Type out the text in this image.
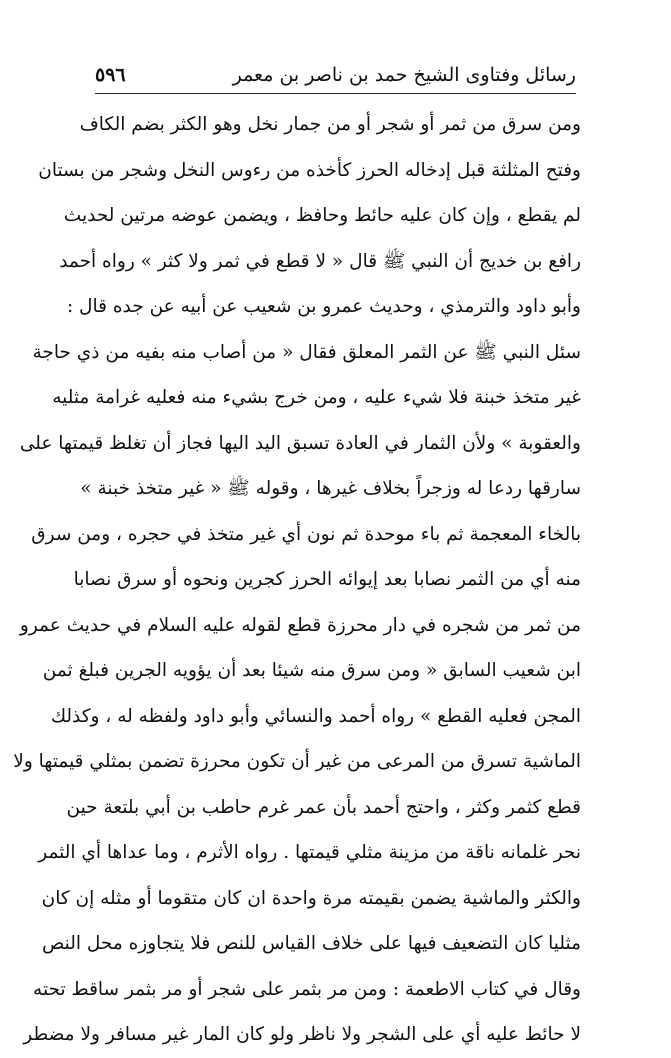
رسائل وفتاوى الشيخ حمد بن ناصر بن معمر
٥٩٦
ومن سرق من ثمر أو شجر أو من جمار نخل وهو الكثر بضم الكاف
وفتح المثلثة قبل إدخاله الحرز كأخذه من رءوس النخل وشجر من بستان
لم يقطع ، وإن كان عليه حائط وحافظ ، ويضمن عوضه مرتين لحديث
رافع بن خديج أن النبي ﷺ قال « لا قطع في ثمر ولا كثر » رواه أحمد
وأبو داود والترمذي ، وحديث عمرو بن شعيب عن أبيه عن جده قال :
سئل النبي ﷺ عن الثمر المعلق فقال « من أصاب منه بفيه من ذي حاجة
غير متخذ خبنة فلا شيء عليه ، ومن خرج بشيء منه فعليه غرامة مثليه
والعقوبة » ولأن الثمار في العادة تسبق اليد اليها فجاز أن تغلظ قيمتها على
سارقها ردعا له وزجراً بخلاف غيرها ، وقوله ﷺ « غير متخذ خبنة »
بالخاء المعجمة ثم باء موحدة ثم نون أي غير متخذ في حجره ، ومن سرق
منه أي من الثمر نصابا بعد إيوائه الحرز كجرين ونحوه أو سرق نصابا
من ثمر من شجره في دار محرزة قطع لقوله عليه السلام في حديث عمرو
ابن شعيب السابق « ومن سرق منه شيئا بعد أن يؤويه الجرين فبلغ ثمن
المجن فعليه القطع » رواه أحمد والنسائي وأبو داود ولفظه له ، وكذلك
الماشية تسرق من المرعى من غير أن تكون محرزة تضمن بمثلي قيمتها ولا
قطع كثمر وكثر ، واحتج أحمد بأن عمر غرم حاطب بن أبي بلتعة حين
نحر غلمانه ناقة من مزينة مثلي قيمتها . رواه الأثرم ، وما عداها أي الثمر
والكثر والماشية يضمن بقيمته مرة واحدة ان كان متقوما أو مثله إن كان
مثليا كان التضعيف فيها على خلاف القياس للنص فلا يتجاوزه محل النص
وقال في كتاب الاطعمة : ومن مر بثمر على شجر أو مر بثمر ساقط تحته
لا حائط عليه أي على الشجر ولا ناظر ولو كان المار غير مسافر ولا مضطر
